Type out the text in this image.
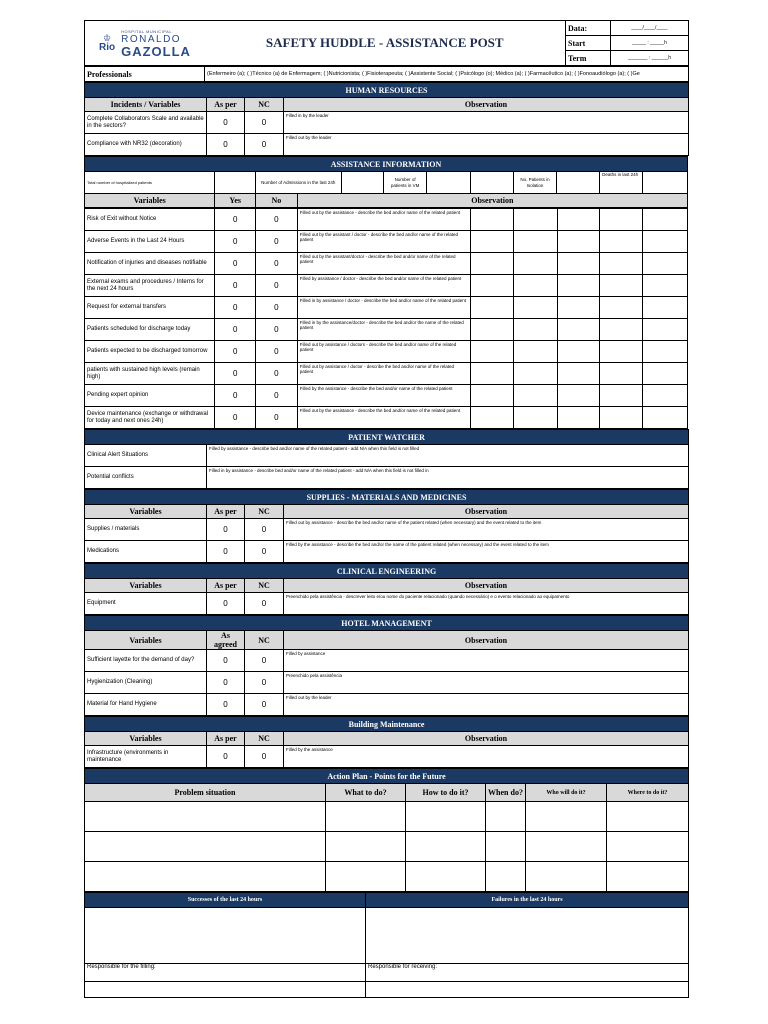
♔
Rio
HOSPITAL MUNICIPAL
RONALDO
GAZOLLA	SAFETY HUDDLE - ASSISTANCE POST	Data:	____/____/____
		Start	_____ : _____h
		Term	_______ : ______h
Professionals	(Enfermeiro (a); ( )Técnico (a) de Enfermagem; ( )Nutricionista; ( )Fisioterapeuta; ( )Assistente Social; ( )Psicólogo (o); Médico (a); ( )Farmacêutico (a); ( )Fonoaudiólogo (a); ( )Ge
HUMAN RESOURCES			
Incidents / Variables	As per	NC	Observation
Complete Collaborators Scale and available in the sectors?	0	0	Filled in by the leader
Compliance with NR32 (decoration)	0	0	Filled out by the leader
ASSISTANCE INFORMATION											
Total number of hospitalized patients		Number of Admissions in the last 24h			Number of patients in VM			No. Patients in Isolation		Deaths in last 24h	
Variables	Yes	No	Observation								
Risk of Exit without Notice	0	0	Filled out by the assistance - describe the bed and/or name of the related patient					
Adverse Events in the Last 24 Hours	0	0	Filled out by the assistant / doctor - describe the bed and/or name of the related patient					
Notification of injuries and diseases notifiable	0	0	Filled out by the assistant/doctor - describe the bed and/or name of the related patient					
External exams and procedures / Interns for the next 24 hours	0	0	Filled by assistance / doctor - describe the bed and/or name of the related patient					
Request for external transfers	0	0	Filled in by assistance / doctor - describe the bed and/or name of the related patient					
Patients scheduled for discharge today	0	0	Filled in by the assistance/doctor - describe the bed and/or the name of the related patient					
Patients expected to be discharged tomorrow	0	0	Filled out by assistance / doctors - describe the bed and/or name of the related patient					
patients with sustained high levels (remain high)	0	0	Filled out by assistance / doctor - describe the bed and/or name of the related patient					
Pending expert opinion	0	0	Filled by the assistance - describe the bed and/or name of the related patient					
Device maintenance (exchange or withdrawal for today and next ones 24h)	0	0	Filled out by the assistance - describe the bed and/or name of the related patient					
PATIENT WATCHER	
Clinical Alert Situations	Filled by assistance - describe bed and/or name of the related patient - add N/A when this field is not filled
Potential conflicts	Filled in by assistance - describe bed and/or name of the related patient - add N/A when this field is not filled in
SUPPLIES - MATERIALS AND MEDICINES			
Variables	As per	NC	Observation
Supplies / materials	0	0	Filled out by assistance - describe the bed and/or name of the patient related (when necessary) and the event related to the item
Medications	0	0	Filled by the assistance - describe the bed and/or the name of the patient related (when necessary) and the event related to the item
CLINICAL ENGINEERING			
Variables	As per	NC	Observation
Equipment	0	0	Preenchido pela assistência - descrever leito e/ou nome do paciente relacionado (quando necessário) e o evento relacionado ao equipamento
HOTEL MANAGEMENT			
Variables	As agreed	NC	Observation
Sufficient layette for the demand of day?	0	0	Filled by assistance
Hygienization (Cleaning)	0	0	Preenchido pela assistência
Material for Hand Hygiene	0	0	Filled out by the leader
Building Maintenance			
Variables	As per	NC	Observation
Infrastructure (environments in maintenance	0	0	Filled by the assistance
Action Plan - Points for the Future					
Problem situation	What to do?	How to do it?	When do?	Who will do it?	Where to do it?

Successes of the last 24 hours	Failures in the last 24 hours

Responsible for the filling:	Responsible for receiving:
